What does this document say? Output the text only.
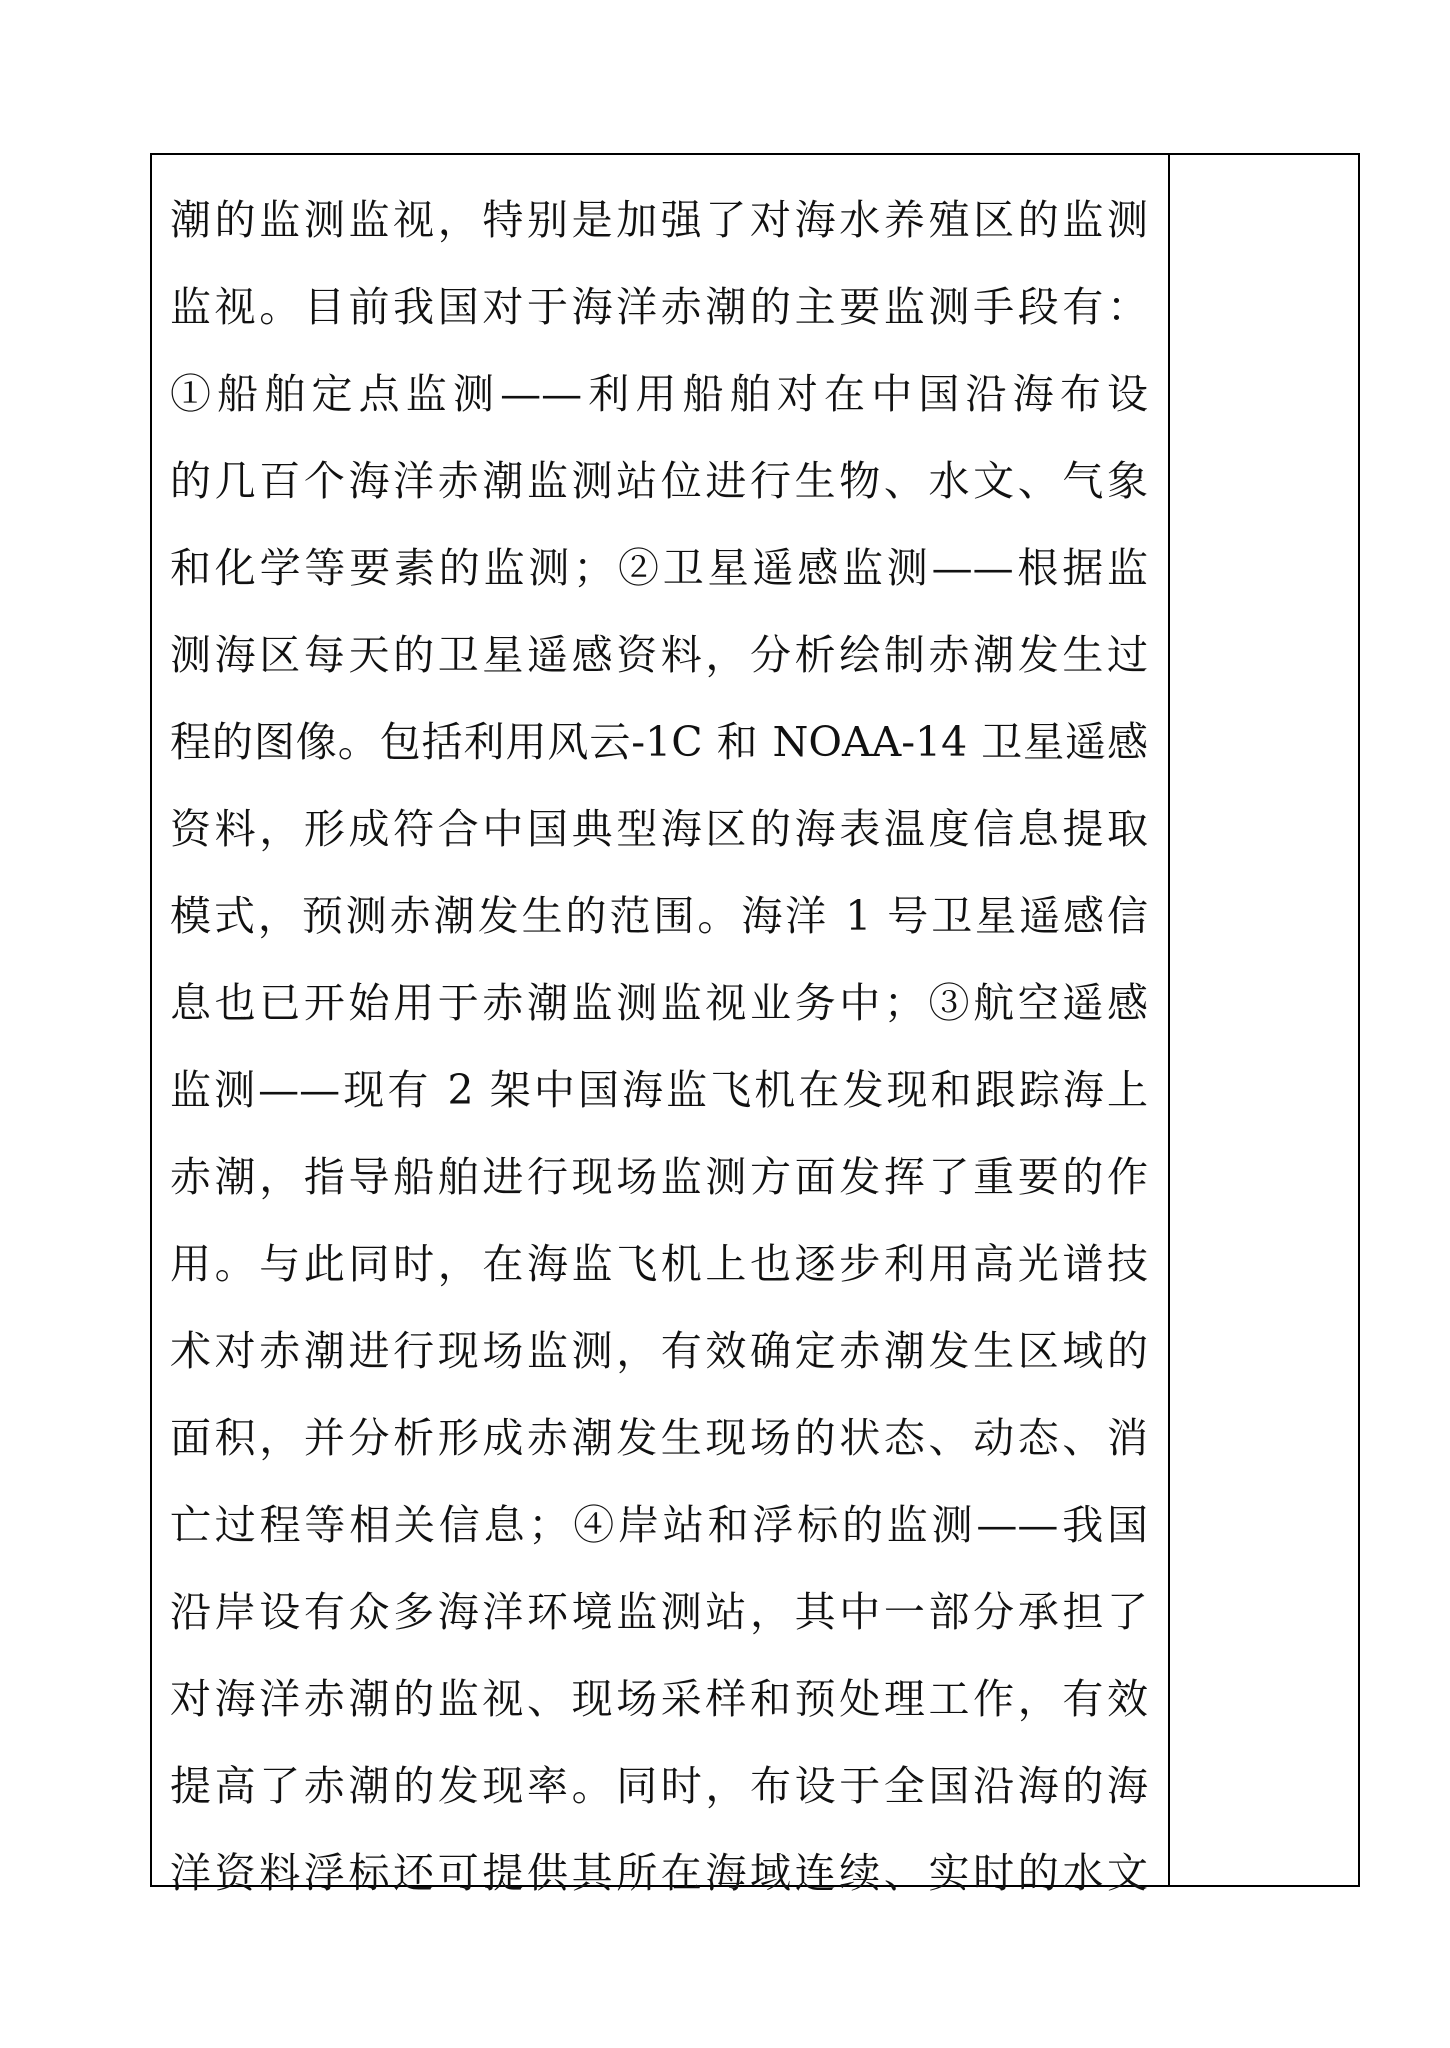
潮的监测监视，特别是加强了对海水养殖区的监测
监视。目前我国对于海洋赤潮的主要监测手段有：
①船舶定点监测——利用船舶对在中国沿海布设
的几百个海洋赤潮监测站位进行生物、水文、气象
和化学等要素的监测；②卫星遥感监测——根据监
测海区每天的卫星遥感资料，分析绘制赤潮发生过
程的图像。包括利用风云-1C 和 NOAA-14 卫星遥感
资料，形成符合中国典型海区的海表温度信息提取
模式，预测赤潮发生的范围。海洋 1 号卫星遥感信
息也已开始用于赤潮监测监视业务中；③航空遥感
监测——现有 2 架中国海监飞机在发现和跟踪海上
赤潮，指导船舶进行现场监测方面发挥了重要的作
用。与此同时，在海监飞机上也逐步利用高光谱技
术对赤潮进行现场监测，有效确定赤潮发生区域的
面积，并分析形成赤潮发生现场的状态、动态、消
亡过程等相关信息；④岸站和浮标的监测——我国
沿岸设有众多海洋环境监测站，其中一部分承担了
对海洋赤潮的监视、现场采样和预处理工作，有效
提高了赤潮的发现率。同时，布设于全国沿海的海
洋资料浮标还可提供其所在海域连续、实时的水文
